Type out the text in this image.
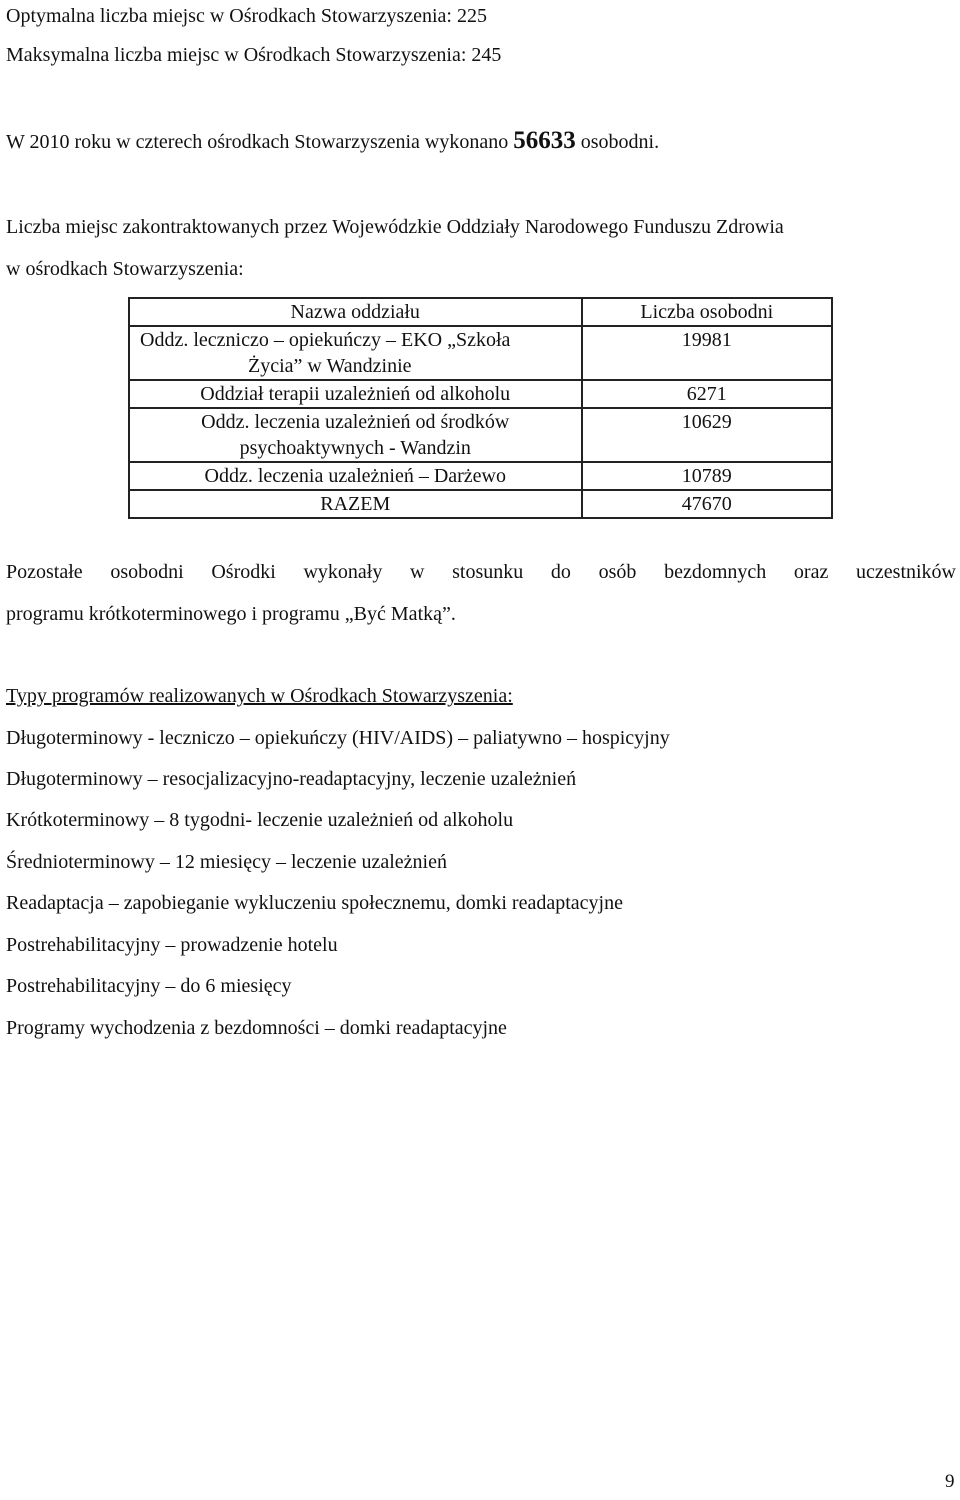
Optymalna liczba miejsc w Ośrodkach Stowarzyszenia: 225
Maksymalna liczba miejsc w Ośrodkach Stowarzyszenia: 245
W 2010 roku w czterech ośrodkach Stowarzyszenia wykonano 56633 osobodni.
Liczba miejsc zakontraktowanych przez Wojewódzkie Oddziały Narodowego Funduszu Zdrowia
w ośrodkach Stowarzyszenia:
Nazwa oddziału	Liczba osobodni

Oddz. leczniczo – opiekuńczy – EKO „Szkoła
Życia” w Wandzinie	19981
Oddział terapii uzależnień od alkoholu	6271

Oddz. leczenia uzależnień od środków
psychoaktywnych - Wandzin	10629
Oddz. leczenia uzależnień – Darżewo	10789
RAZEM	47670
Pozostałe osobodni Ośrodki wykonały w stosunku do osób bezdomnych oraz uczestników
programu krótkoterminowego i programu „Być Matką”.
Typy programów realizowanych w Ośrodkach Stowarzyszenia:
Długoterminowy - leczniczo – opiekuńczy (HIV/AIDS) – paliatywno – hospicyjny
Długoterminowy – resocjalizacyjno-readaptacyjny, leczenie uzależnień
Krótkoterminowy – 8 tygodni- leczenie uzależnień od alkoholu
Średnioterminowy – 12 miesięcy – leczenie uzależnień
Readaptacja – zapobieganie wykluczeniu społecznemu, domki readaptacyjne
Postrehabilitacyjny – prowadzenie hotelu
Postrehabilitacyjny – do 6 miesięcy
Programy wychodzenia z bezdomności – domki readaptacyjne
9
